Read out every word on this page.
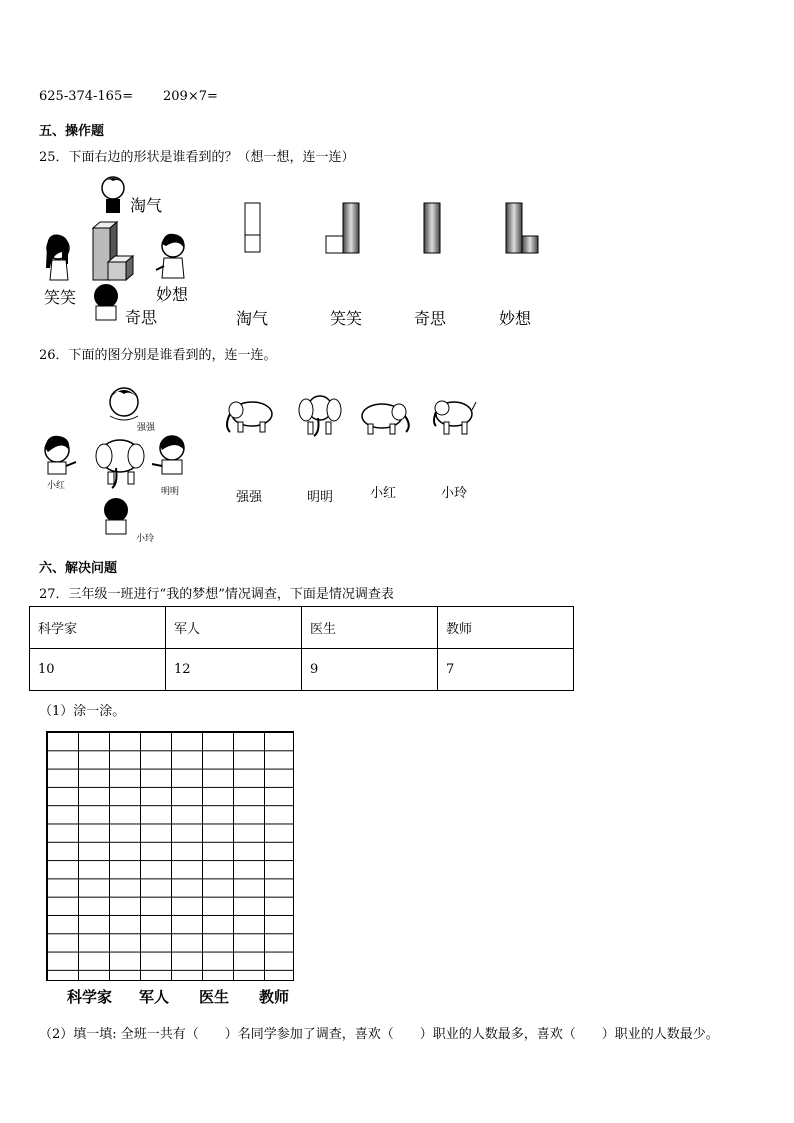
625-374-165= 209×7=
五、操作题
25．下面右边的形状是谁看到的？（想一想，连一连）
淘气
笑笑	妙想
奇思	淘气	笑笑	奇思	妙想
26．下面的图分别是谁看到的，连一连。
强强
小红
明明
小玲
强强	明明	小红	小玲
六、解决问题
27．三年级一班进行“我的梦想”情况调查，下面是情况调查表
科学家	军人	医生	教师
10	12	9	7
（1）涂一涂。
科学家 军人 医生 教师
（2）填一填: 全班一共有（　　）名同学参加了调查，喜欢（　　）职业的人数最多，喜欢（　　）职业的人数最少。
